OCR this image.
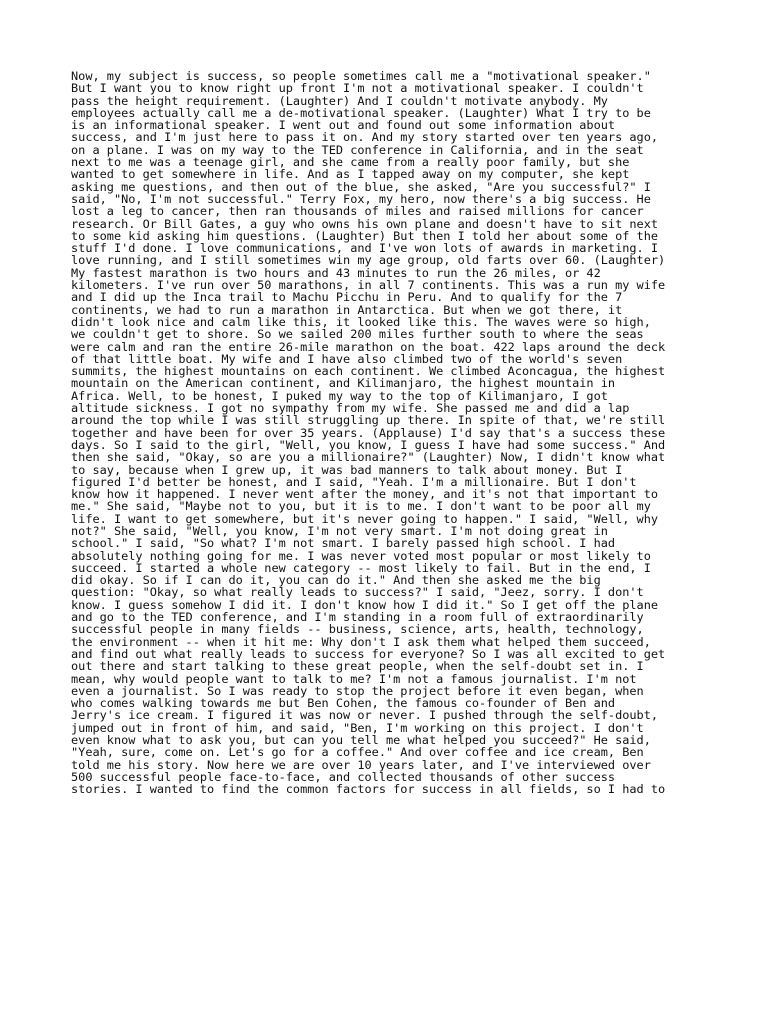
Now, my subject is success, so people sometimes call me a "motivational speaker."
But I want you to know right up front I'm not a motivational speaker. I couldn't
pass the height requirement. (Laughter) And I couldn't motivate anybody. My
employees actually call me a de-motivational speaker. (Laughter) What I try to be
is an informational speaker. I went out and found out some information about
success, and I'm just here to pass it on. And my story started over ten years ago,
on a plane. I was on my way to the TED conference in California, and in the seat
next to me was a teenage girl, and she came from a really poor family, but she
wanted to get somewhere in life. And as I tapped away on my computer, she kept
asking me questions, and then out of the blue, she asked, "Are you successful?" I
said, "No, I'm not successful." Terry Fox, my hero, now there's a big success. He
lost a leg to cancer, then ran thousands of miles and raised millions for cancer
research. Or Bill Gates, a guy who owns his own plane and doesn't have to sit next
to some kid asking him questions. (Laughter) But then I told her about some of the
stuff I'd done. I love communications, and I've won lots of awards in marketing. I
love running, and I still sometimes win my age group, old farts over 60. (Laughter)
My fastest marathon is two hours and 43 minutes to run the 26 miles, or 42
kilometers. I've run over 50 marathons, in all 7 continents. This was a run my wife
and I did up the Inca trail to Machu Picchu in Peru. And to qualify for the 7
continents, we had to run a marathon in Antarctica. But when we got there, it
didn't look nice and calm like this, it looked like this. The waves were so high,
we couldn't get to shore. So we sailed 200 miles further south to where the seas
were calm and ran the entire 26-mile marathon on the boat. 422 laps around the deck
of that little boat. My wife and I have also climbed two of the world's seven
summits, the highest mountains on each continent. We climbed Aconcagua, the highest
mountain on the American continent, and Kilimanjaro, the highest mountain in
Africa. Well, to be honest, I puked my way to the top of Kilimanjaro, I got
altitude sickness. I got no sympathy from my wife. She passed me and did a lap
around the top while I was still struggling up there. In spite of that, we're still
together and have been for over 35 years. (Applause) I'd say that's a success these
days. So I said to the girl, "Well, you know, I guess I have had some success." And
then she said, "Okay, so are you a millionaire?" (Laughter) Now, I didn't know what
to say, because when I grew up, it was bad manners to talk about money. But I
figured I'd better be honest, and I said, "Yeah. I'm a millionaire. But I don't
know how it happened. I never went after the money, and it's not that important to
me." She said, "Maybe not to you, but it is to me. I don't want to be poor all my
life. I want to get somewhere, but it's never going to happen." I said, "Well, why
not?" She said, "Well, you know, I'm not very smart. I'm not doing great in
school." I said, "So what? I'm not smart. I barely passed high school. I had
absolutely nothing going for me. I was never voted most popular or most likely to
succeed. I started a whole new category -- most likely to fail. But in the end, I
did okay. So if I can do it, you can do it." And then she asked me the big
question: "Okay, so what really leads to success?" I said, "Jeez, sorry. I don't
know. I guess somehow I did it. I don't know how I did it." So I get off the plane
and go to the TED conference, and I'm standing in a room full of extraordinarily
successful people in many fields -- business, science, arts, health, technology,
the environment -- when it hit me: Why don't I ask them what helped them succeed,
and find out what really leads to success for everyone? So I was all excited to get
out there and start talking to these great people, when the self-doubt set in. I
mean, why would people want to talk to me? I'm not a famous journalist. I'm not
even a journalist. So I was ready to stop the project before it even began, when
who comes walking towards me but Ben Cohen, the famous co-founder of Ben and
Jerry's ice cream. I figured it was now or never. I pushed through the self-doubt,
jumped out in front of him, and said, "Ben, I'm working on this project. I don't
even know what to ask you, but can you tell me what helped you succeed?" He said,
"Yeah, sure, come on. Let's go for a coffee." And over coffee and ice cream, Ben
told me his story. Now here we are over 10 years later, and I've interviewed over
500 successful people face-to-face, and collected thousands of other success
stories. I wanted to find the common factors for success in all fields, so I had to
